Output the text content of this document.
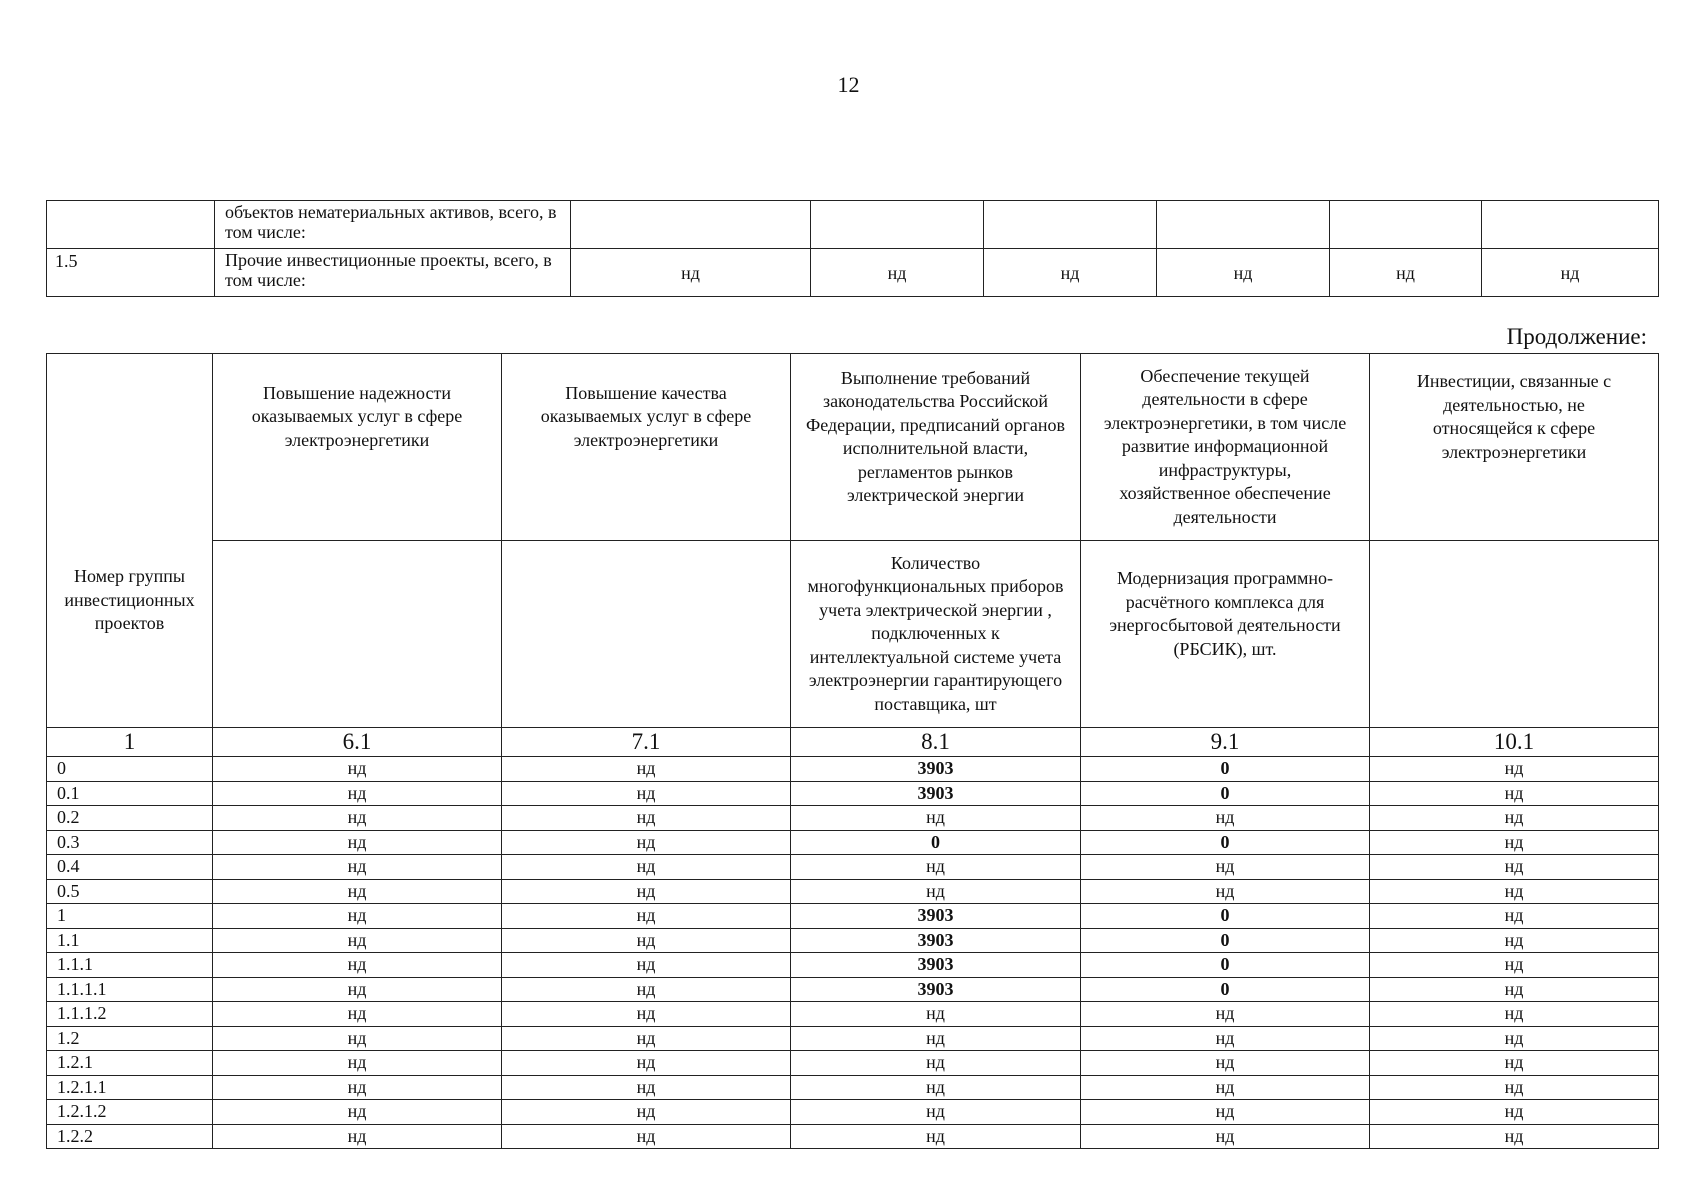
12
	объектов нематериальных активов, всего, в том числе:						
1.5	Прочие инвестиционные проекты, всего, в том числе:	нд	нд	нд	нд	нд	нд
Продолжение:
Номер группы инвестиционных проектов	Повышение надежности оказываемых услуг в сфере электроэнергетики	Повышение качества оказываемых услуг в сфере электроэнергетики	Выполнение требований законодательства Российской Федерации, предписаний органов исполнительной власти, регламентов рынков электрической энергии	Обеспечение текущей деятельности в сфере электроэнергетики, в том числе развитие информационной инфраструктуры, хозяйственное обеспечение деятельности	Инвестиции, связанные с деятельностью, не относящейся к сфере электроэнергетики

			Количество многофункциональных приборов учета электрической энергии , подключенных к интеллектуальной системе учета электроэнергии гарантирующего поставщика, шт	Модернизация программно-расчётного комплекса для энергосбытовой деятельности (РБСИК), шт.	

1	6.1	7.1	8.1	9.1	10.1
0	нд	нд	3903	0	нд
0.1	нд	нд	3903	0	нд
0.2	нд	нд	нд	нд	нд
0.3	нд	нд	0	0	нд
0.4	нд	нд	нд	нд	нд
0.5	нд	нд	нд	нд	нд
1	нд	нд	3903	0	нд
1.1	нд	нд	3903	0	нд
1.1.1	нд	нд	3903	0	нд
1.1.1.1	нд	нд	3903	0	нд
1.1.1.2	нд	нд	нд	нд	нд
1.2	нд	нд	нд	нд	нд
1.2.1	нд	нд	нд	нд	нд
1.2.1.1	нд	нд	нд	нд	нд
1.2.1.2	нд	нд	нд	нд	нд
1.2.2	нд	нд	нд	нд	нд
